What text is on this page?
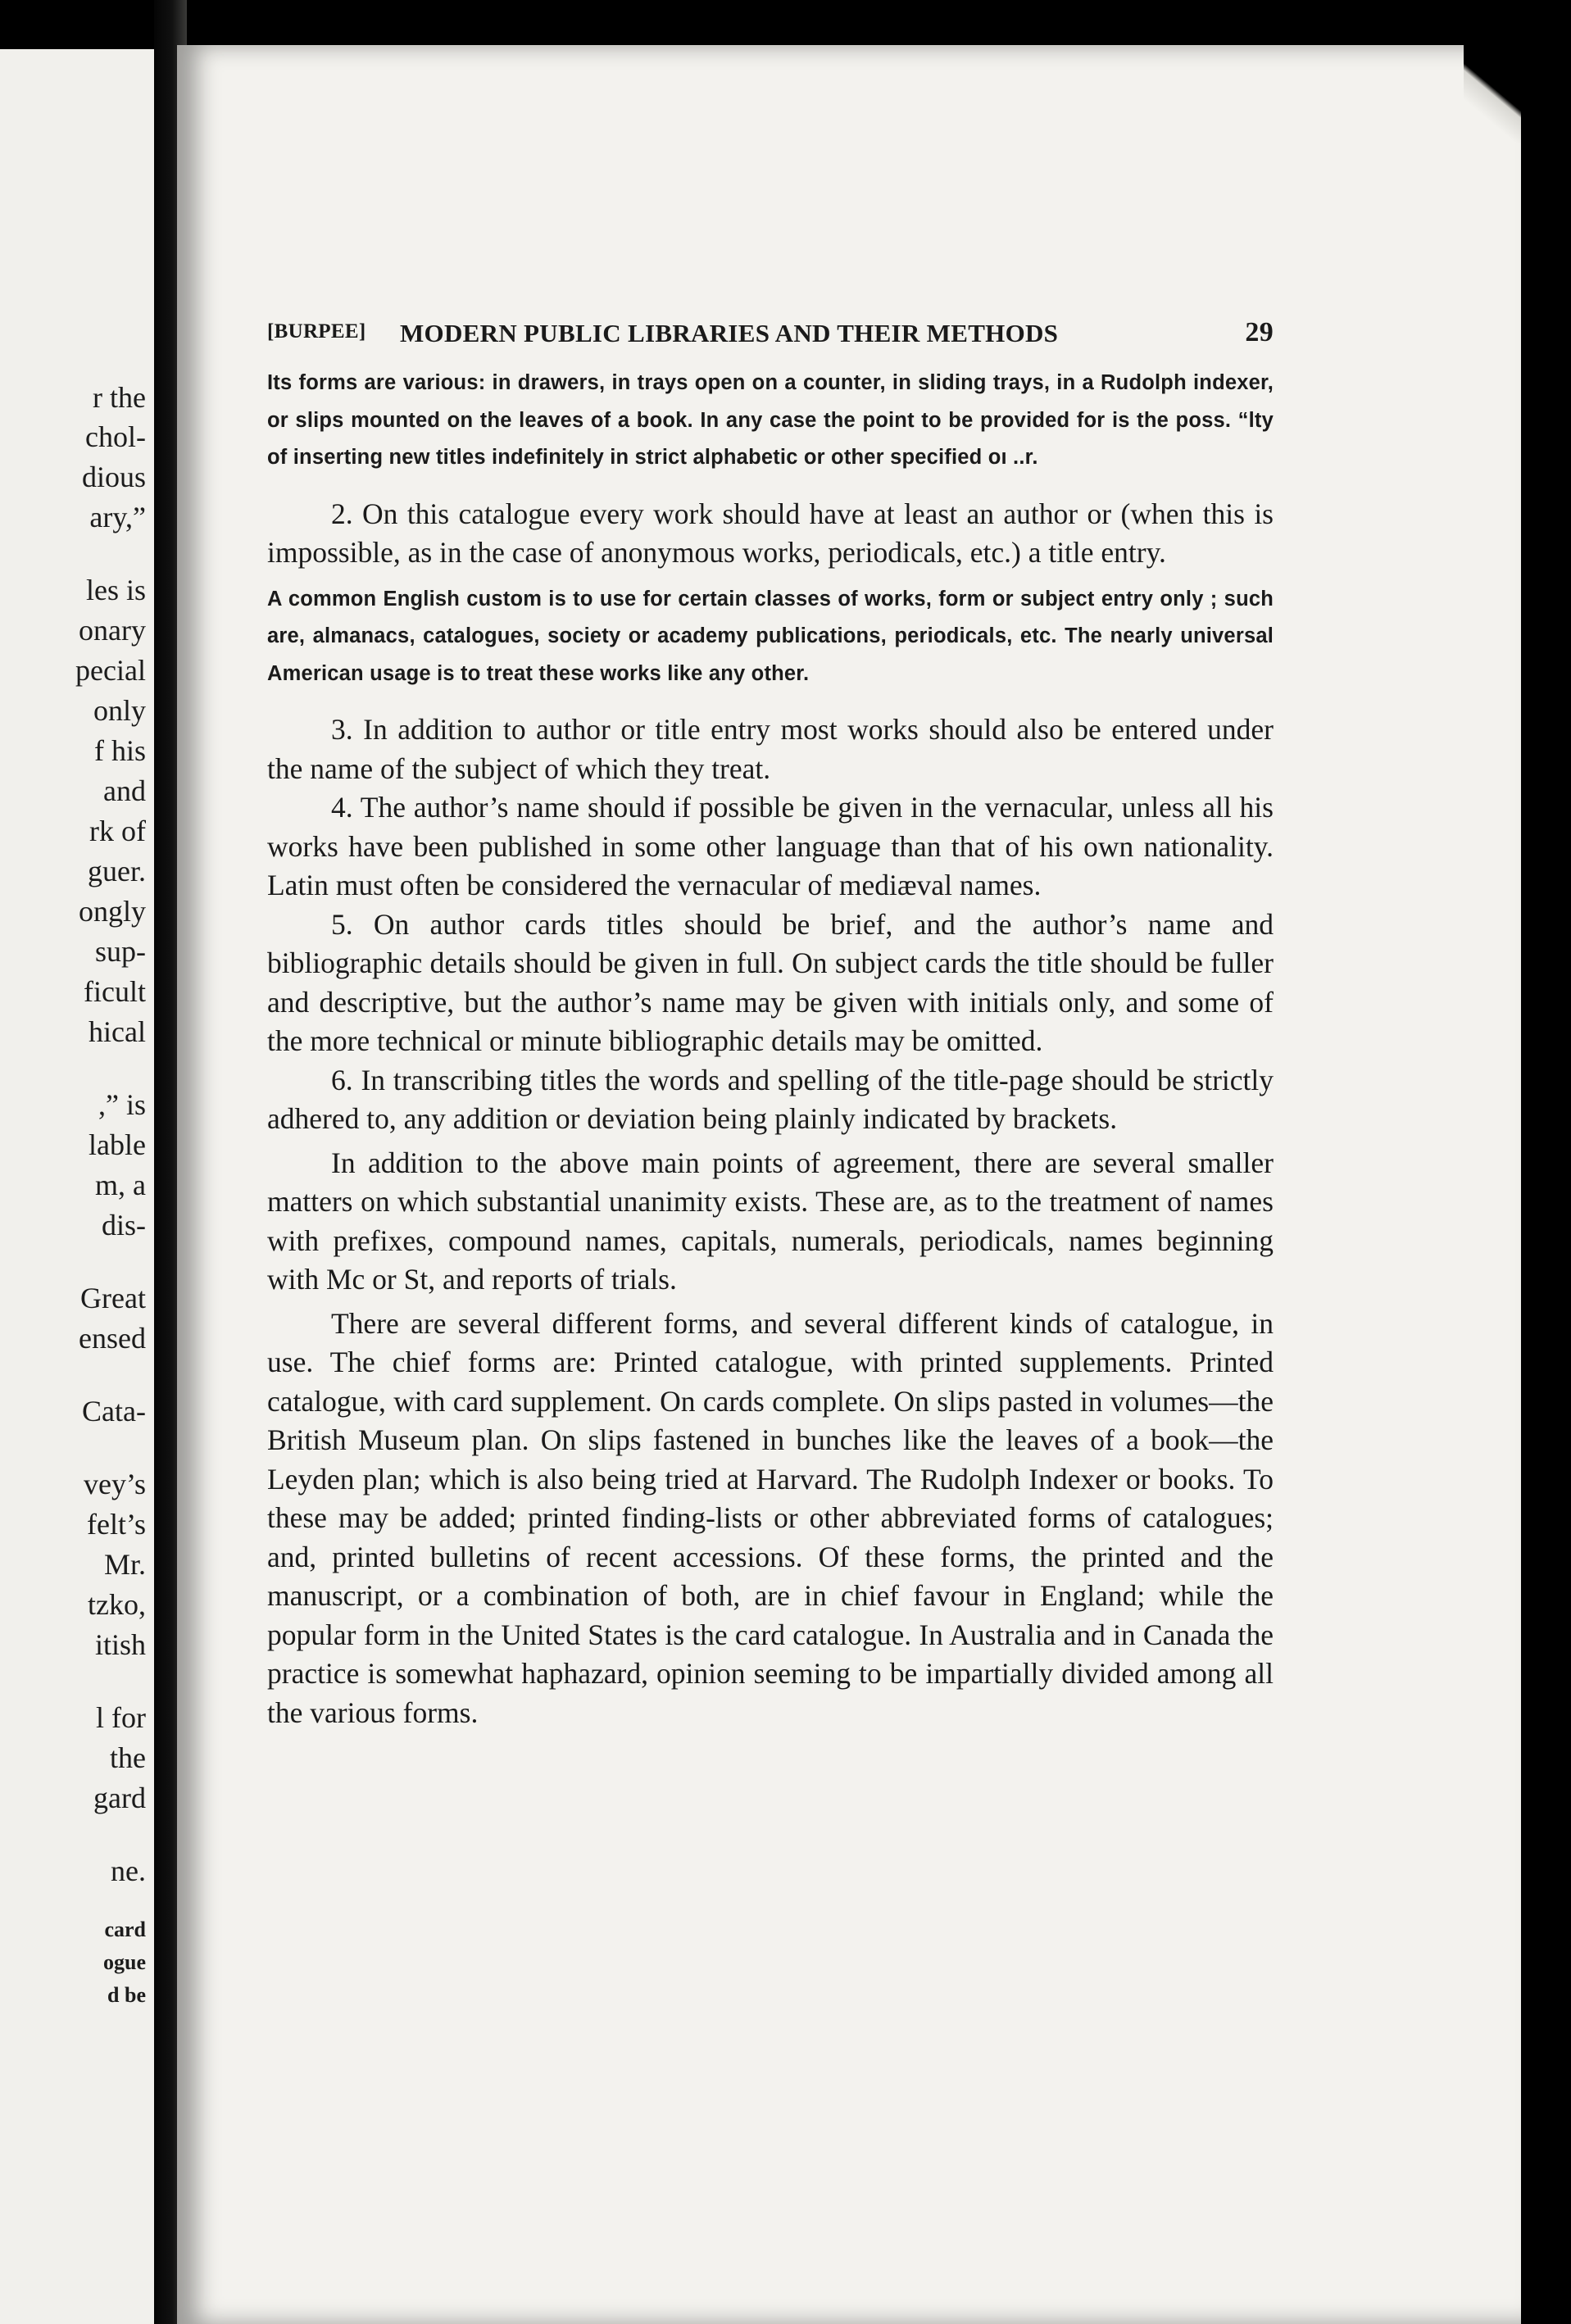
r the
chol-
dious
ary,”
les is
onary
pecial
only
f his
and
rk of
guer.
ongly
sup-
ficult
hical
,” is
lable
m, a
dis-
Great
ensed
Cata-
vey’s
felt’s
Mr.
tzko,
itish
l for
the
gard
ne.
card
ogue
d be
[BURPEE] MODERN PUBLIC LIBRARIES AND THEIR METHODS	29

Its forms are various: in drawers, in trays open on a counter, in sliding trays, in a Rudolph indexer, or slips mounted on the leaves of a book. In any case the point to be provided for is the poss. “lty of inserting new titles indefinitely in strict alphabetic or other specified oı ..r.

2. On this catalogue every work should have at least an author or (when this is impossible, as in the case of anonymous works, periodicals, etc.) a title entry.

A common English custom is to use for certain classes of works, form or subject entry only ; such are, almanacs, catalogues, society or academy publications, periodicals, etc. The nearly universal American usage is to treat these works like any other.

3. In addition to author or title entry most works should also be entered under the name of the subject of which they treat.

4. The author’s name should if possible be given in the vernacular, unless all his works have been published in some other language than that of his own nationality. Latin must often be considered the vernacular of mediæval names.

5. On author cards titles should be brief, and the author’s name and bibliographic details should be given in full. On subject cards the title should be fuller and descriptive, but the author’s name may be given with initials only, and some of the more technical or minute bibliographic details may be omitted.

6. In transcribing titles the words and spelling of the title-page should be strictly adhered to, any addition or deviation being plainly indicated by brackets.

In addition to the above main points of agreement, there are several smaller matters on which substantial unanimity exists. These are, as to the treatment of names with prefixes, compound names, capitals, numerals, periodicals, names beginning with Mc or St, and reports of trials.

There are several different forms, and several different kinds of catalogue, in use. The chief forms are: Printed catalogue, with printed supplements. Printed catalogue, with card supplement. On cards complete. On slips pasted in volumes—the British Museum plan. On slips fastened in bunches like the leaves of a book—the Leyden plan; which is also being tried at Harvard. The Rudolph Indexer or books. To these may be added; printed finding-lists or other abbreviated forms of catalogues; and, printed bulletins of recent accessions. Of these forms, the printed and the manuscript, or a combination of both, are in chief favour in England; while the popular form in the United States is the card catalogue. In Australia and in Canada the practice is somewhat haphazard, opinion seeming to be impartially divided among all the various forms.
